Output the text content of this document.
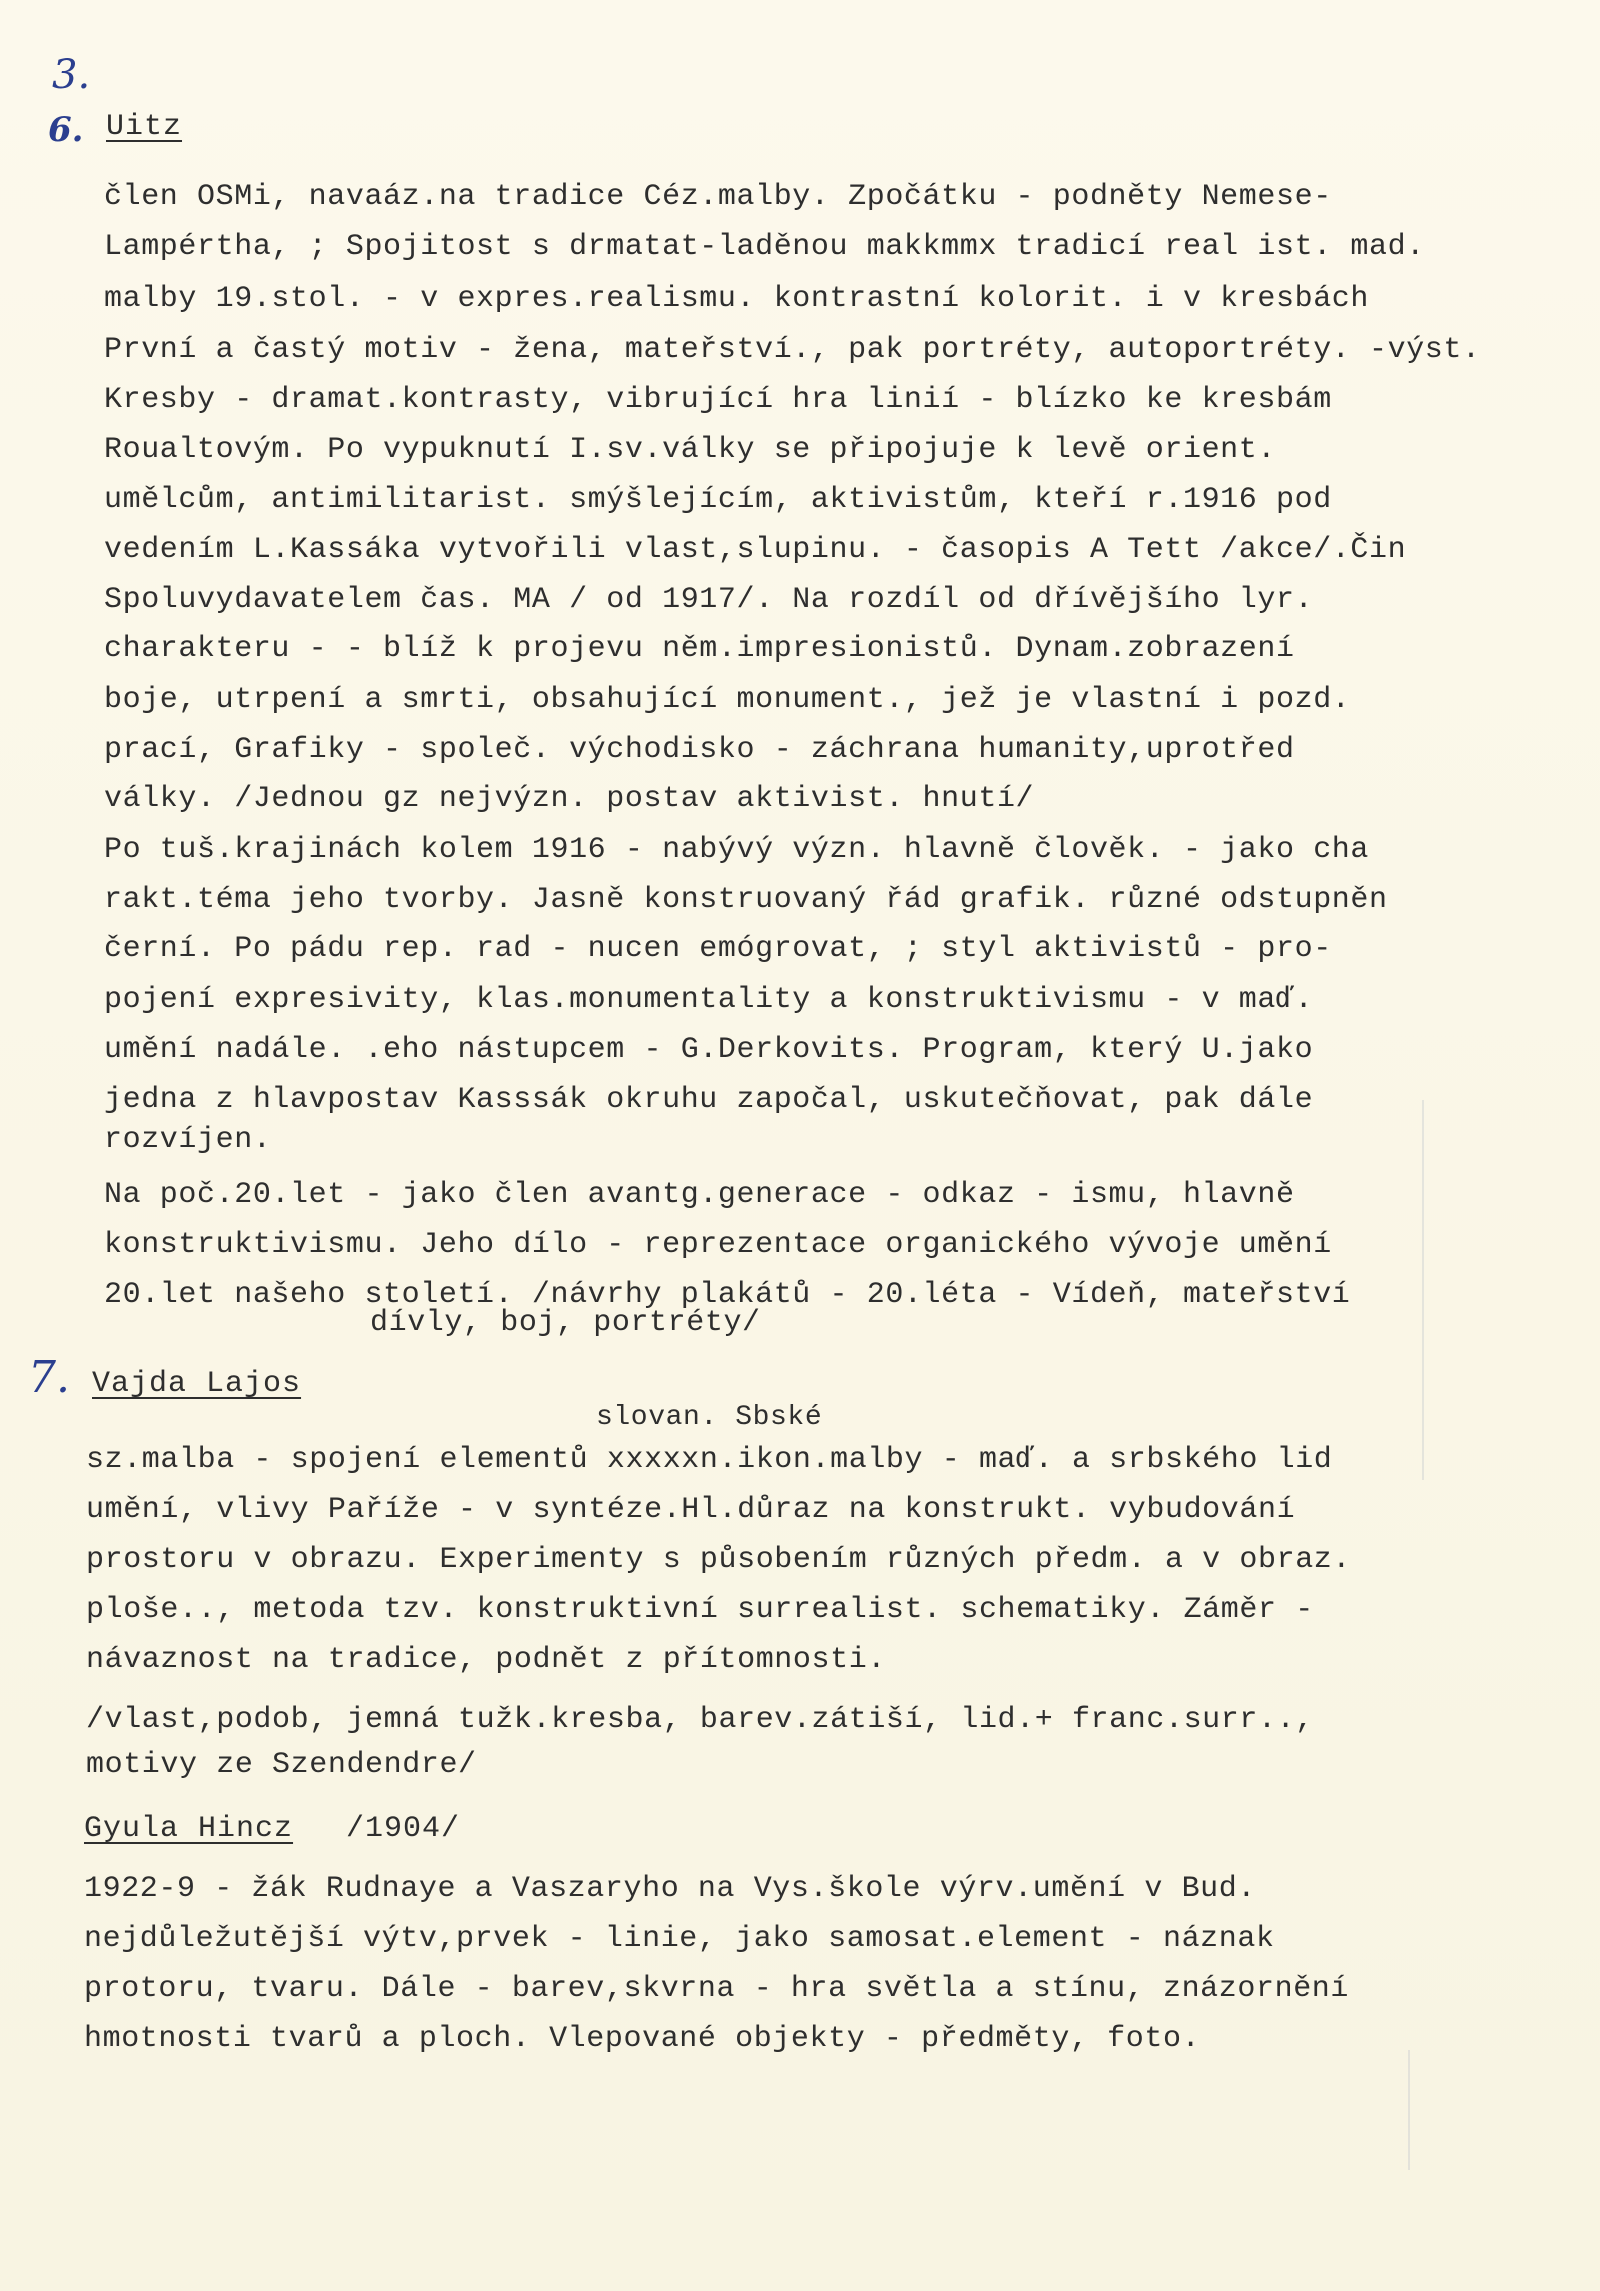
3.
6. Uitz
člen OSMi, navaáz.na tradice Céz.malby. Zpočátku - podněty Nemese-
Lampértha, ; Spojitost s drmatat-laděnou makkmmx tradicí real ist. mad.
malby 19.stol. - v expres.realismu. kontrastní kolorit. i v kresbách
První a častý motiv - žena, mateřství., pak portréty, autoportréty. -výst.
Kresby - dramat.kontrasty, vibrující hra linií - blízko ke kresbám
Roualtovým. Po vypuknutí I.sv.války se připojuje k levě orient.
umělcům, antimilitarist. smýšlejícím, aktivistům, kteří r.1916 pod
vedením L.Kassáka vytvořili vlast,slupinu. - časopis A Tett /akce/.Čin
Spoluvydavatelem čas. MA / od 1917/. Na rozdíl od dřívějšího lyr.
charakteru - - blíž k projevu něm.impresionistů. Dynam.zobrazení
boje, utrpení a smrti, obsahující monument., jež je vlastní i pozd.
prací, Grafiky - společ. východisko - záchrana humanity,uprotřed
války. /Jednou gz nejvýzn. postav aktivist. hnutí/
Po tuš.krajinách kolem 1916 - nabývý význ. hlavně člověk. - jako cha
rakt.téma jeho tvorby. Jasně konstruovaný řád grafik. různé odstupněn
černí. Po pádu rep. rad - nucen emógrovat, ; styl aktivistů - pro-
pojení expresivity, klas.monumentality a konstruktivismu - v maď.
umění nadále. .eho nástupcem - G.Derkovits. Program, který U.jako
jedna z hlavpostav Kasssák okruhu započal, uskutečňovat, pak dále
rozvíjen.
Na poč.20.let - jako člen avantg.generace - odkaz - ismu, hlavně
konstruktivismu. Jeho dílo - reprezentace organického vývoje umění
20.let našeho století. /návrhy plakátů - 20.léta - Vídeň, mateřství
dívly, boj, portréty/
7. Vajda Lajos
slovan. Sbské
sz.malba - spojení elementů xxxxxn.ikon.malby - maď. a srbského lid
umění, vlivy Paříže - v syntéze.Hl.důraz na konstrukt. vybudování
prostoru v obrazu. Experimenty s působením různých předm. a v obraz.
ploše.., metoda tzv. konstruktivní surrealist. schematiky. Záměr -
návaznost na tradice, podnět z přítomnosti.
/vlast,podob, jemná tužk.kresba, barev.zátiší, lid.+ franc.surr..,
motivy ze Szendendre/
Gyula Hincz /1904/
1922-9 - žák Rudnaye a Vaszaryho na Vys.škole výrv.umění v Bud.
nejdůležutější výtv,prvek - linie, jako samosat.element - náznak
protoru, tvaru. Dále - barev,skvrna - hra světla a stínu, znázornění
hmotnosti tvarů a ploch. Vlepované objekty - předměty, foto.
